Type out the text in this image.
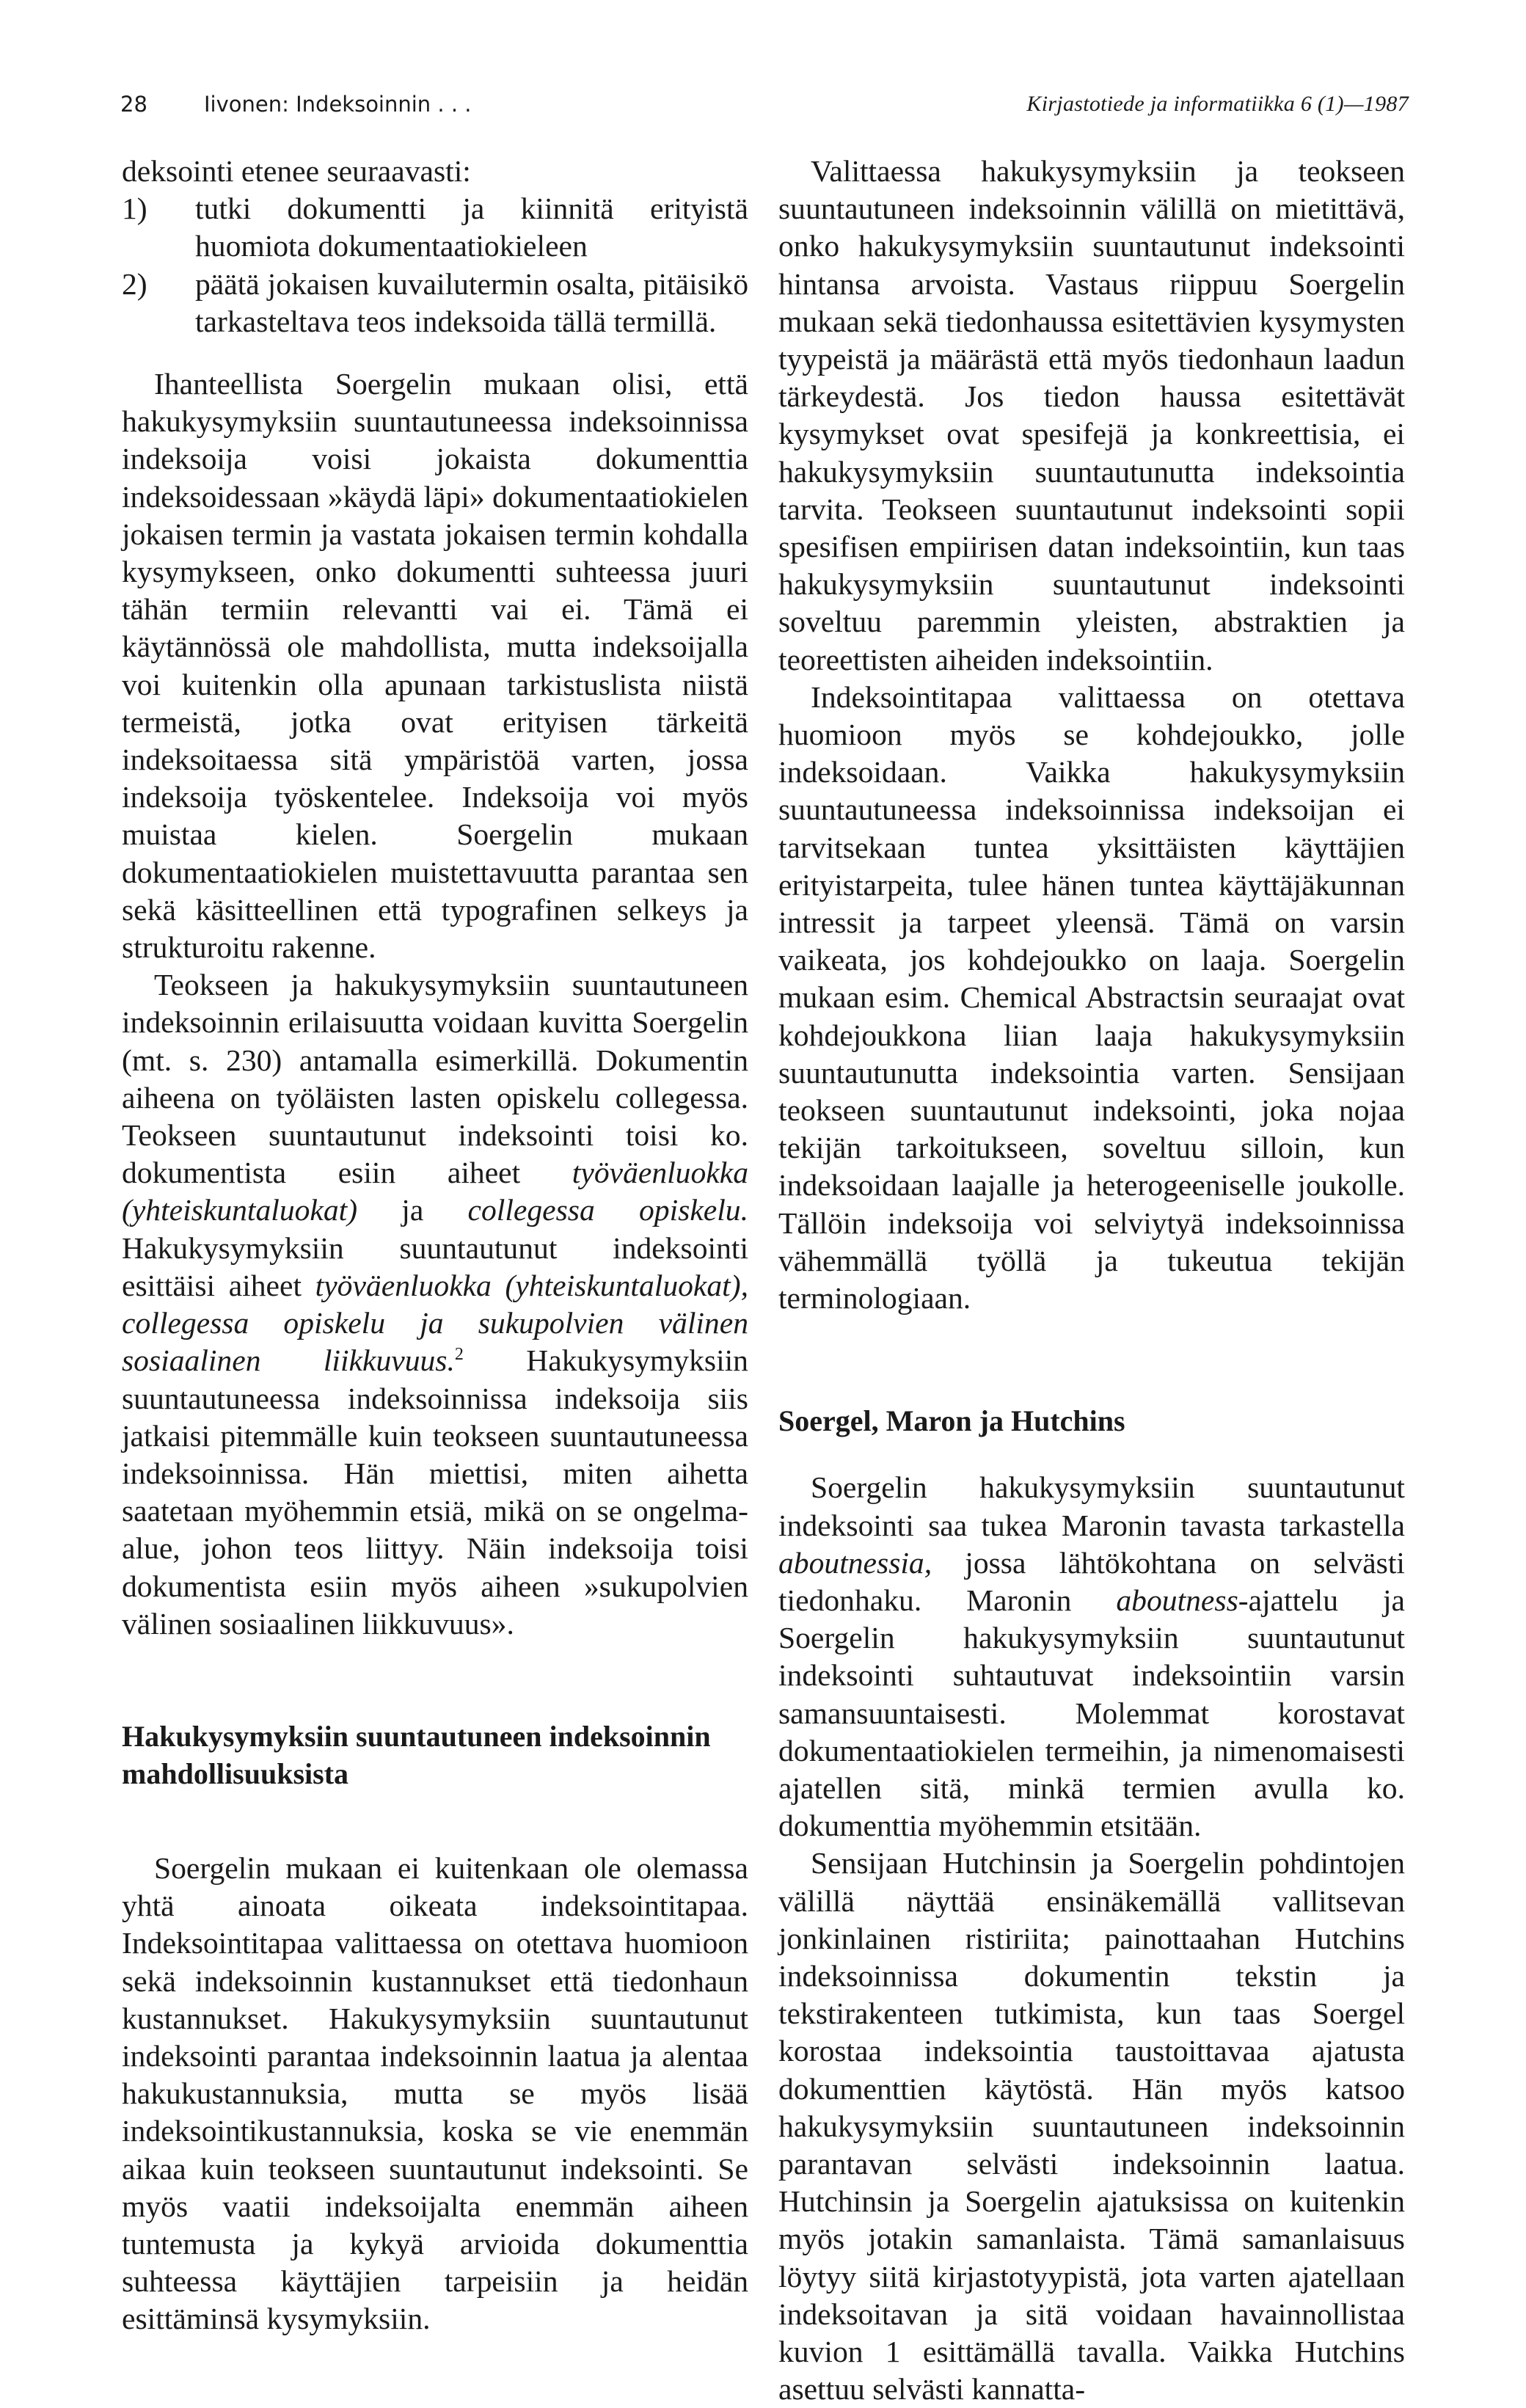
28	Iivonen: Indeksoinnin . . .	Kirjastotiede ja informatiikka 6 (1)—1987

deksointi etenee seuraavasti:

1) tutki dokumentti ja kiinnitä erityistä huomiota dokumentaatiokieleen
2) päätä jokaisen kuvailutermin osalta, pitäisikö tarkasteltava teos indeksoida tällä termillä.

Ihanteellista Soergelin mukaan olisi, että hakukysymyksiin suuntautuneessa indeksoinnissa indeksoija voisi jokaista dokumenttia indeksoidessaan »käydä läpi» dokumentaatiokielen jokaisen termin ja vastata jokaisen termin kohdalla kysymykseen, onko dokumentti suhteessa juuri tähän termiin relevantti vai ei. Tämä ei käytännössä ole mahdollista, mutta indeksoijalla voi kuitenkin olla apunaan tarkistuslista niistä termeistä, jotka ovat erityisen tärkeitä indeksoitaessa sitä ympäristöä varten, jossa indeksoija työskentelee. Indeksoija voi myös muistaa kielen. Soergelin mukaan dokumentaatiokielen muistettavuutta parantaa sen sekä käsitteellinen että typografinen selkeys ja strukturoitu rakenne.

Teokseen ja hakukysymyksiin suuntautuneen indeksoinnin erilaisuutta voidaan kuvitta Soergelin (mt. s. 230) antamalla esimerkillä. Dokumentin aiheena on työläisten lasten opiskelu collegessa. Teokseen suuntautunut indeksointi toisi ko. dokumentista esiin aiheet työväenluokka (yhteiskuntaluokat) ja collegessa opiskelu. Hakukysymyksiin suuntautunut indeksointi esittäisi aiheet työväenluokka (yhteiskuntaluokat), collegessa opiskelu ja sukupolvien välinen sosiaalinen liikkuvuus.$^2$ Hakukysymyksiin suuntautuneessa indeksoinnissa indeksoija siis jatkaisi pitemmälle kuin teokseen suuntautuneessa indeksoinnissa. Hän miettisi, miten aihetta saatetaan myöhemmin etsiä, mikä on se ongelma-alue, johon teos liittyy. Näin indeksoija toisi dokumentista esiin myös aiheen »sukupolvien välinen sosiaalinen liikkuvuus».

Hakukysymyksiin suuntautuneen indeksoinnin mahdollisuuksista

Soergelin mukaan ei kuitenkaan ole olemassa yhtä ainoata oikeata indeksointitapaa. Indeksointitapaa valittaessa on otettava huomioon sekä indeksoinnin kustannukset että tiedonhaun kustannukset. Hakukysymyksiin suuntautunut indeksointi parantaa indeksoinnin laatua ja alentaa hakukustannuksia, mutta se myös lisää indeksointikustannuksia, koska se vie enemmän aikaa kuin teokseen suuntautunut indeksointi. Se myös vaatii indeksoijalta enemmän aiheen tuntemusta ja kykyä arvioida dokumenttia suhteessa käyttäjien tarpeisiin ja heidän esittäminsä kysymyksiin.

Valittaessa hakukysymyksiin ja teokseen suuntautuneen indeksoinnin välillä on mietittävä, onko hakukysymyksiin suuntautunut indeksointi hintansa arvoista. Vastaus riippuu Soergelin mukaan sekä tiedonhaussa esitettävien kysymysten tyypeistä ja määrästä että myös tiedonhaun laadun tärkeydestä. Jos tiedon haussa esitettävät kysymykset ovat spesifejä ja konkreettisia, ei hakukysymyksiin suuntautunutta indeksointia tarvita. Teokseen suuntautunut indeksointi sopii spesifisen empiirisen datan indeksointiin, kun taas hakukysymyksiin suuntautunut indeksointi soveltuu paremmin yleisten, abstraktien ja teoreettisten aiheiden indeksointiin.

Indeksointitapaa valittaessa on otettava huomioon myös se kohdejoukko, jolle indeksoidaan. Vaikka hakukysymyksiin suuntautuneessa indeksoinnissa indeksoijan ei tarvitsekaan tuntea yksittäisten käyttäjien erityistarpeita, tulee hänen tuntea käyttäjäkunnan intressit ja tarpeet yleensä. Tämä on varsin vaikeata, jos kohdejoukko on laaja. Soergelin mukaan esim. Chemical Abstractsin seuraajat ovat kohdejoukkona liian laaja hakukysymyksiin suuntautunutta indeksointia varten. Sensijaan teokseen suuntautunut indeksointi, joka nojaa tekijän tarkoitukseen, soveltuu silloin, kun indeksoidaan laajalle ja heterogeeniselle joukolle. Tällöin indeksoija voi selviytyä indeksoinnissa vähemmällä työllä ja tukeutua tekijän terminologiaan.

Soergel, Maron ja Hutchins

Soergelin hakukysymyksiin suuntautunut indeksointi saa tukea Maronin tavasta tarkastella aboutnessia, jossa lähtökohtana on selvästi tiedonhaku. Maronin aboutness-ajattelu ja Soergelin hakukysymyksiin suuntautunut indeksointi suhtautuvat indeksointiin varsin samansuuntaisesti. Molemmat korostavat dokumentaatiokielen termeihin, ja nimenomaisesti ajatellen sitä, minkä termien avulla ko. dokumenttia myöhemmin etsitään.

Sensijaan Hutchinsin ja Soergelin pohdintojen välillä näyttää ensinäkemällä vallitsevan jonkinlainen ristiriita; painottaahan Hutchins indeksoinnissa dokumentin tekstin ja tekstirakenteen tutkimista, kun taas Soergel korostaa indeksointia taustoittavaa ajatusta dokumenttien käytöstä. Hän myös katsoo hakukysymyksiin suuntautuneen indeksoinnin parantavan selvästi indeksoinnin laatua. Hutchinsin ja Soergelin ajatuksissa on kuitenkin myös jotakin samanlaista. Tämä samanlaisuus löytyy siitä kirjastotyypistä, jota varten ajatellaan indeksoitavan ja sitä voidaan havainnollistaa kuvion 1 esittämällä tavalla. Vaikka Hutchins asettuu selvästi kannatta-
